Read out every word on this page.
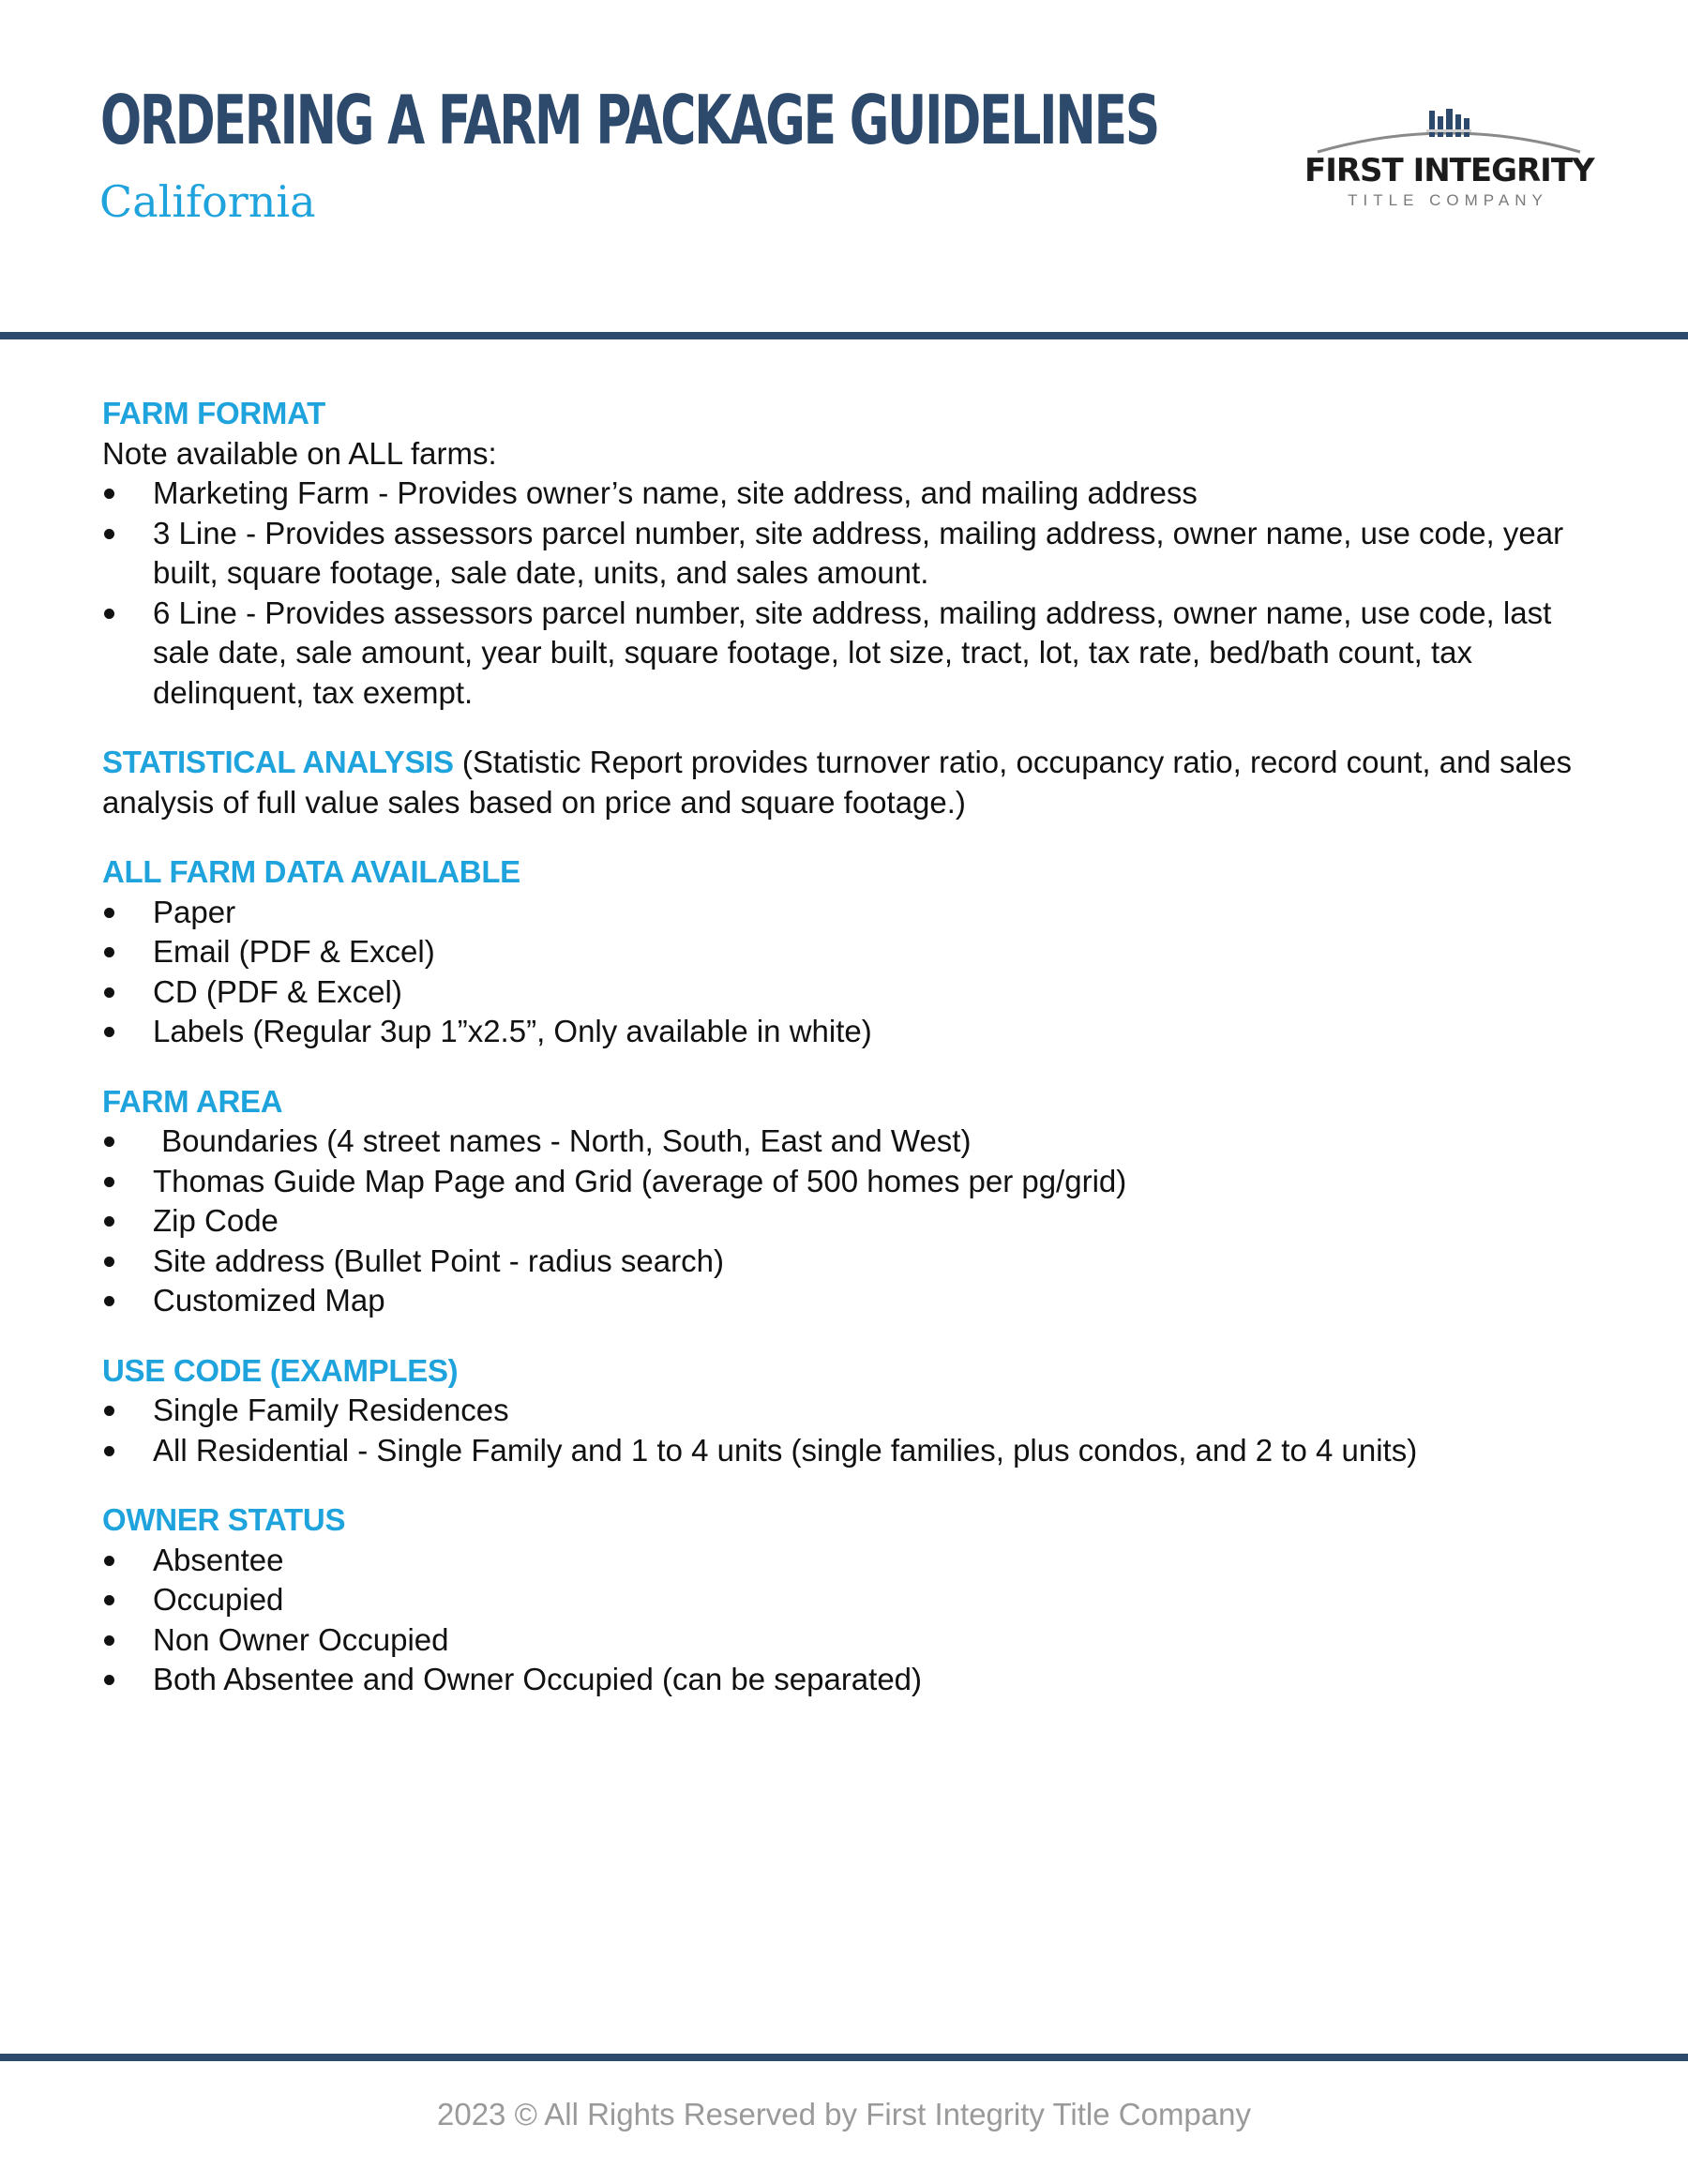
ORDERING A FARM PACKAGE GUIDELINES
California
FIRST INTEGRITY
TITLE COMPANY
FARM FORMAT
Note available on ALL farms:
Marketing Farm - Provides owner’s name, site address, and mailing address
3 Line - Provides assessors parcel number, site address, mailing address, owner name, use code, year built, square footage, sale date, units, and sales amount.
6 Line - Provides assessors parcel number, site address, mailing address, owner name, use code, last sale date, sale amount, year built, square footage, lot size, tract, lot, tax rate, bed/bath count, tax delinquent, tax exempt.

STATISTICAL ANALYSIS (Statistic Report provides turnover ratio, occupancy ratio, record count, and sales analysis of full value sales based on price and square footage.)

ALL FARM DATA AVAILABLE
Paper
Email (PDF & Excel)
CD (PDF & Excel)
Labels (Regular 3up 1”x2.5”, Only available in white)
FARM AREA
Boundaries (4 street names - North, South, East and West)
Thomas Guide Map Page and Grid (average of 500 homes per pg/grid)
Zip Code
Site address (Bullet Point - radius search)
Customized Map
USE CODE (EXAMPLES)
Single Family Residences
All Residential - Single Family and 1 to 4 units (single families, plus condos, and 2 to 4 units)
OWNER STATUS
Absentee
Occupied
Non Owner Occupied
Both Absentee and Owner Occupied (can be separated)
2023 © All Rights Reserved by First Integrity Title Company
